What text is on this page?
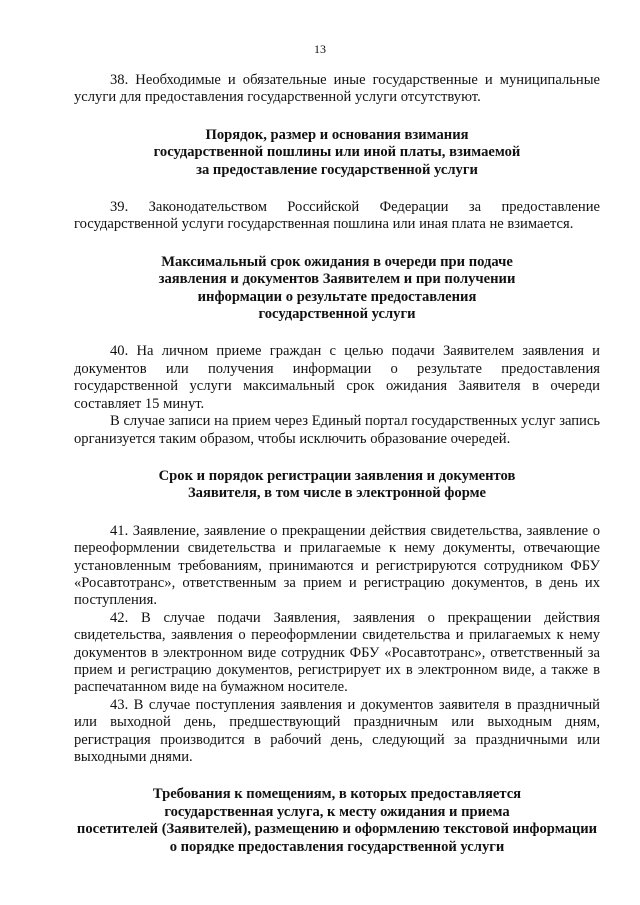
13

38. Необходимые и обязательные иные государственные и муниципальные услуги для предоставления государственной услуги отсутствуют.

Порядок, размер и основания взимания
государственной пошлины или иной платы, взимаемой
за предоставление государственной услуги

39. Законодательством Российской Федерации за предоставление государственной услуги государственная пошлина или иная плата не взимается.

Максимальный срок ожидания в очереди при подаче
заявления и документов Заявителем и при получении
информации о результате предоставления
государственной услуги

40. На личном приеме граждан с целью подачи Заявителем заявления и документов или получения информации о результате предоставления государственной услуги максимальный срок ожидания Заявителя в очереди составляет 15 минут.

В случае записи на прием через Единый портал государственных услуг запись организуется таким образом, чтобы исключить образование очередей.

Срок и порядок регистрации заявления и документов
Заявителя, в том числе в электронной форме

41. Заявление, заявление о прекращении действия свидетельства, заявление о переоформлении свидетельства и прилагаемые к нему документы, отвечающие установленным требованиям, принимаются и регистрируются сотрудником ФБУ «Росавтотранс», ответственным за прием и регистрацию документов, в день их поступления.

42. В случае подачи Заявления, заявления о прекращении действия свидетельства, заявления о переоформлении свидетельства и прилагаемых к нему документов в электронном виде сотрудник ФБУ «Росавтотранс», ответственный за прием и регистрацию документов, регистрирует их в электронном виде, а также в распечатанном виде на бумажном носителе.

43. В случае поступления заявления и документов заявителя в праздничный или выходной день, предшествующий праздничным или выходным дням, регистрация производится в рабочий день, следующий за праздничными или выходными днями.

Требования к помещениям, в которых предоставляется
государственная услуга, к месту ожидания и приема
посетителей (Заявителей), размещению и оформлению текстовой информации
о порядке предоставления государственной услуги
